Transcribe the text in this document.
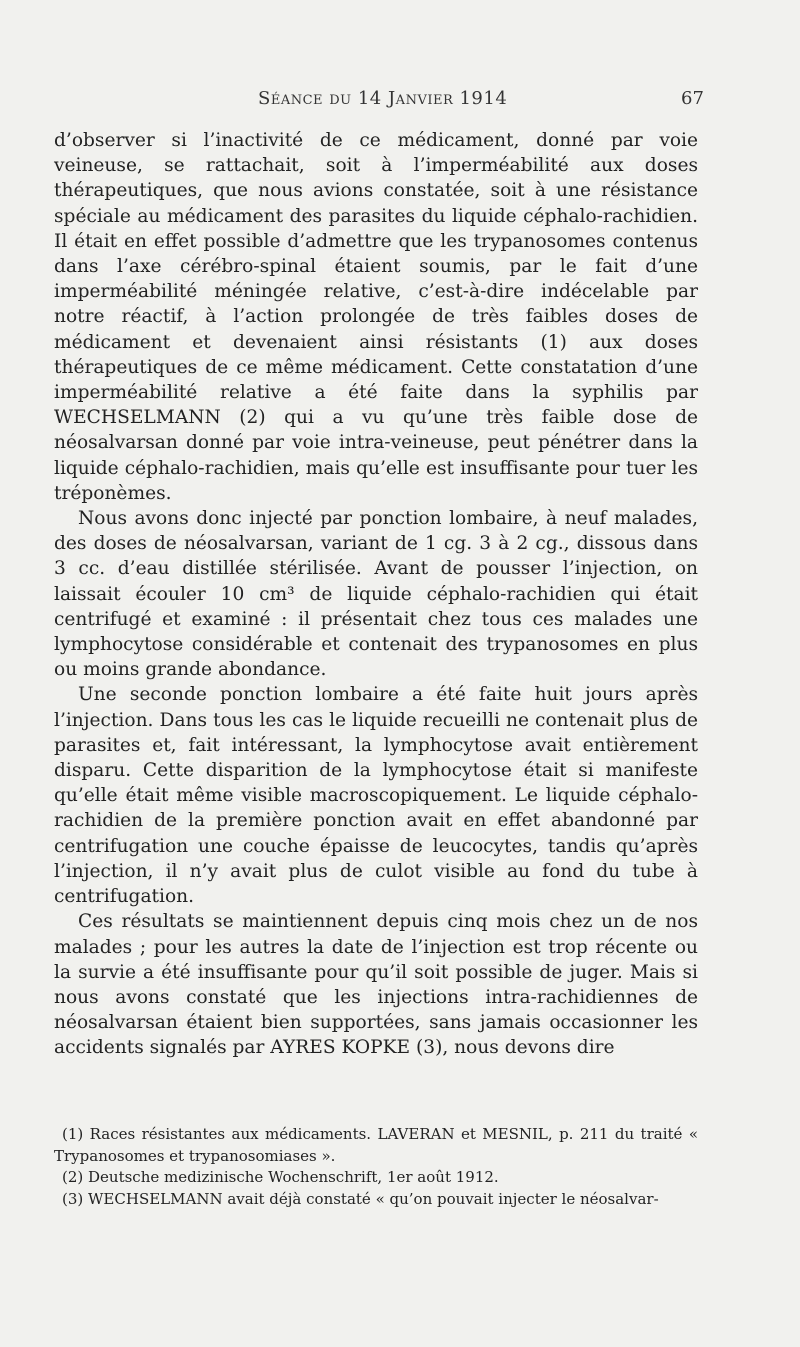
Séance du 14 Janvier 1914	67

d’observer si l’inactivité de ce médicament, donné par voie veineuse, se rattachait, soit à l’imperméabilité aux doses thérapeutiques, que nous avions constatée, soit à une résistance spéciale au médicament des parasites du liquide céphalo-rachidien. Il était en effet possible d’admettre que les trypanosomes contenus dans l’axe cérébro-spinal étaient soumis, par le fait d’une imperméabilité méningée relative, c’est-à-dire indécelable par notre réactif, à l’action prolongée de très faibles doses de médicament et devenaient ainsi résistants (1) aux doses thérapeutiques de ce même médicament. Cette constatation d’une imperméabilité relative a été faite dans la syphilis par WECHSELMANN (2) qui a vu qu’une très faible dose de néosalvarsan donné par voie intra-veineuse, peut pénétrer dans la liquide céphalo-rachidien, mais qu’elle est insuffisante pour tuer les tréponèmes.

Nous avons donc injecté par ponction lombaire, à neuf malades, des doses de néosalvarsan, variant de 1 cg. 3 à 2 cg., dissous dans 3 cc. d’eau distillée stérilisée. Avant de pousser l’injection, on laissait écouler 10 cm³ de liquide céphalo-rachidien qui était centrifugé et examiné : il présentait chez tous ces malades une lymphocytose considérable et contenait des trypanosomes en plus ou moins grande abondance.

Une seconde ponction lombaire a été faite huit jours après l’injection. Dans tous les cas le liquide recueilli ne contenait plus de parasites et, fait intéressant, la lymphocytose avait entièrement disparu. Cette disparition de la lymphocytose était si manifeste qu’elle était même visible macroscopiquement. Le liquide céphalo-rachidien de la première ponction avait en effet abandonné par centrifugation une couche épaisse de leucocytes, tandis qu’après l’injection, il n’y avait plus de culot visible au fond du tube à centrifugation.

Ces résultats se maintiennent depuis cinq mois chez un de nos malades ; pour les autres la date de l’injection est trop récente ou la survie a été insuffisante pour qu’il soit possible de juger. Mais si nous avons constaté que les injections intra-rachidiennes de néosalvarsan étaient bien supportées, sans jamais occasionner les accidents signalés par AYRES KOPKE (3), nous devons dire

(1) Races résistantes aux médicaments. LAVERAN et MESNIL, p. 211 du traité « Trypanosomes et trypanosomiases ».

(2) Deutsche medizinische Wochenschrift, 1er août 1912.

(3) WECHSELMANN avait déjà constaté « qu’on pouvait injecter le néosalvar-
